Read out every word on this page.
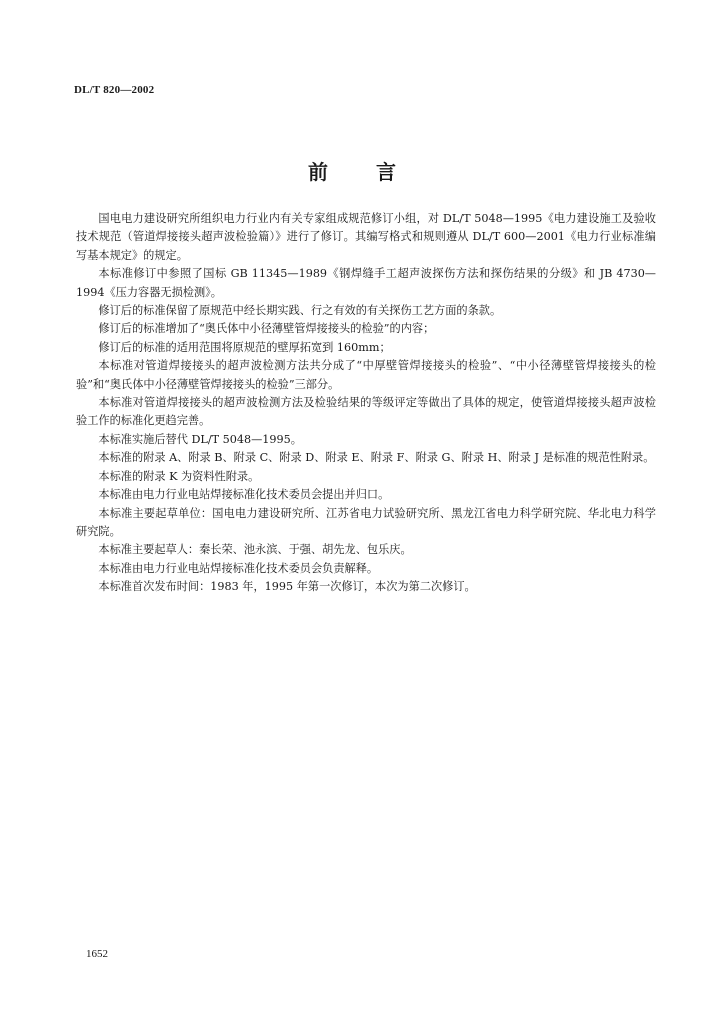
DL/T 820—2002
前言

国电电力建设研究所组织电力行业内有关专家组成规范修订小组，对 DL/T 5048—1995《电力建设施工及验收技术规范（管道焊接接头超声波检验篇）》进行了修订。其编写格式和规则遵从 DL/T 600—2001《电力行业标准编写基本规定》的规定。

本标准修订中参照了国标 GB 11345—1989《钢焊缝手工超声波探伤方法和探伤结果的分级》和 JB 4730—1994《压力容器无损检测》。

修订后的标准保留了原规范中经长期实践、行之有效的有关探伤工艺方面的条款。

修订后的标准增加了“奥氏体中小径薄壁管焊接接头的检验”的内容；

修订后的标准的适用范围将原规范的壁厚拓宽到 160mm；

本标准对管道焊接接头的超声波检测方法共分成了“中厚壁管焊接接头的检验”、“中小径薄壁管焊接接头的检验”和“奥氏体中小径薄壁管焊接接头的检验”三部分。

本标准对管道焊接接头的超声波检测方法及检验结果的等级评定等做出了具体的规定，使管道焊接接头超声波检验工作的标准化更趋完善。

本标准实施后替代 DL/T 5048—1995。

本标准的附录 A、附录 B、附录 C、附录 D、附录 E、附录 F、附录 G、附录 H、附录 J 是标准的规范性附录。

本标准的附录 K 为资料性附录。

本标准由电力行业电站焊接标准化技术委员会提出并归口。

本标准主要起草单位：国电电力建设研究所、江苏省电力试验研究所、黑龙江省电力科学研究院、华北电力科学研究院。

本标准主要起草人：秦长荣、池永滨、于强、胡先龙、包乐庆。

本标准由电力行业电站焊接标准化技术委员会负责解释。

本标准首次发布时间：1983 年，1995 年第一次修订，本次为第二次修订。

1652
